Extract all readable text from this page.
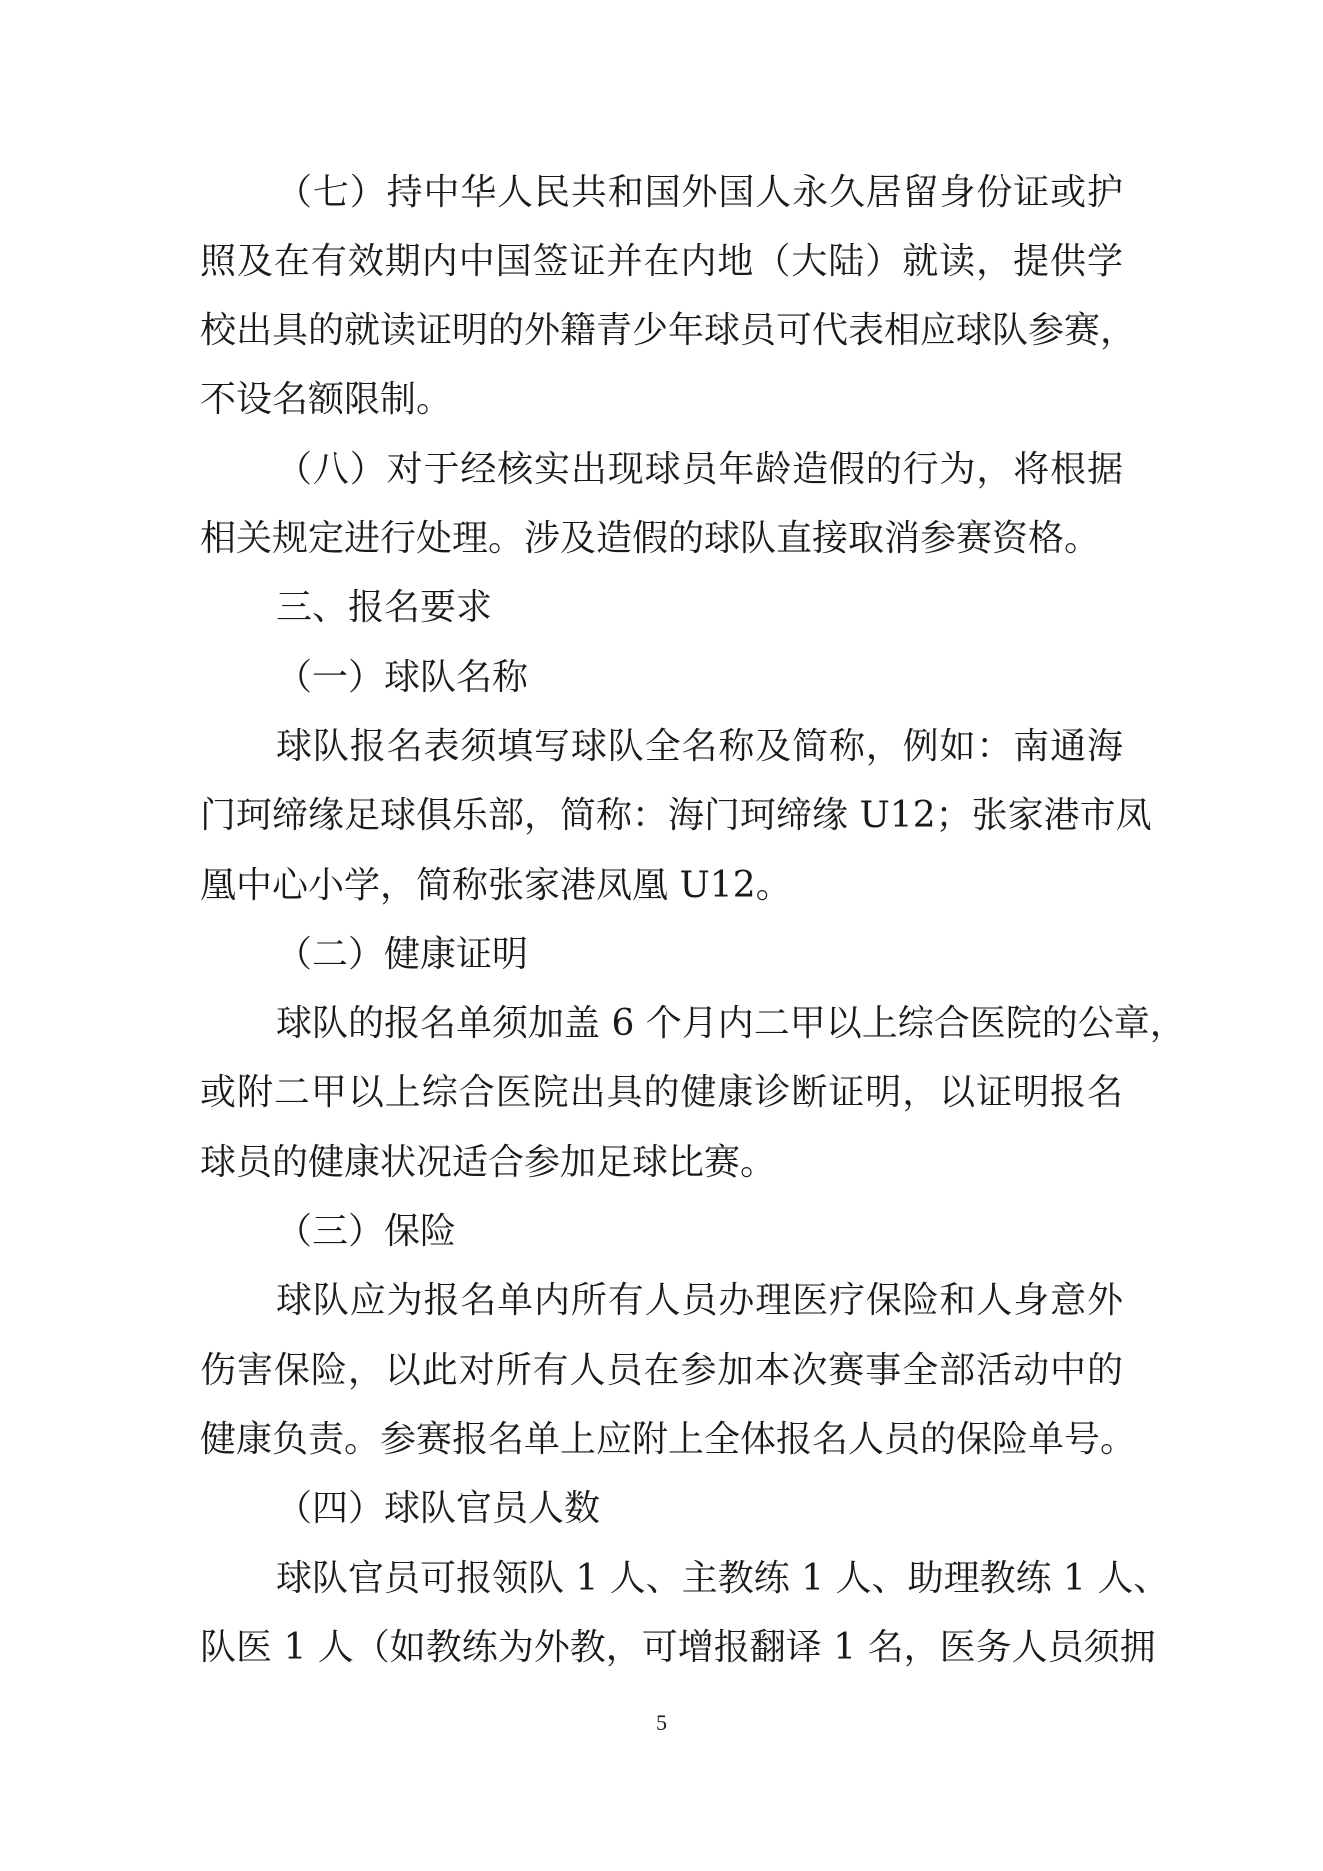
（七）持中华人民共和国外国人永久居留身份证或护
照及在有效期内中国签证并在内地（大陆）就读，提供学
校出具的就读证明的外籍青少年球员可代表相应球队参赛，
不设名额限制。
（八）对于经核实出现球员年龄造假的行为，将根据
相关规定进行处理。涉及造假的球队直接取消参赛资格。
三、报名要求
（一）球队名称
球队报名表须填写球队全名称及简称，例如：南通海
门珂缔缘足球俱乐部，简称：海门珂缔缘 U12；张家港市凤
凰中心小学，简称张家港凤凰 U12。
（二）健康证明
球队的报名单须加盖 6 个月内二甲以上综合医院的公章，
或附二甲以上综合医院出具的健康诊断证明，以证明报名
球员的健康状况适合参加足球比赛。
（三）保险
球队应为报名单内所有人员办理医疗保险和人身意外
伤害保险，以此对所有人员在参加本次赛事全部活动中的
健康负责。参赛报名单上应附上全体报名人员的保险单号。
（四）球队官员人数
球队官员可报领队 1 人、主教练 1 人、助理教练 1 人、
队医 1 人（如教练为外教，可增报翻译 1 名，医务人员须拥
5
